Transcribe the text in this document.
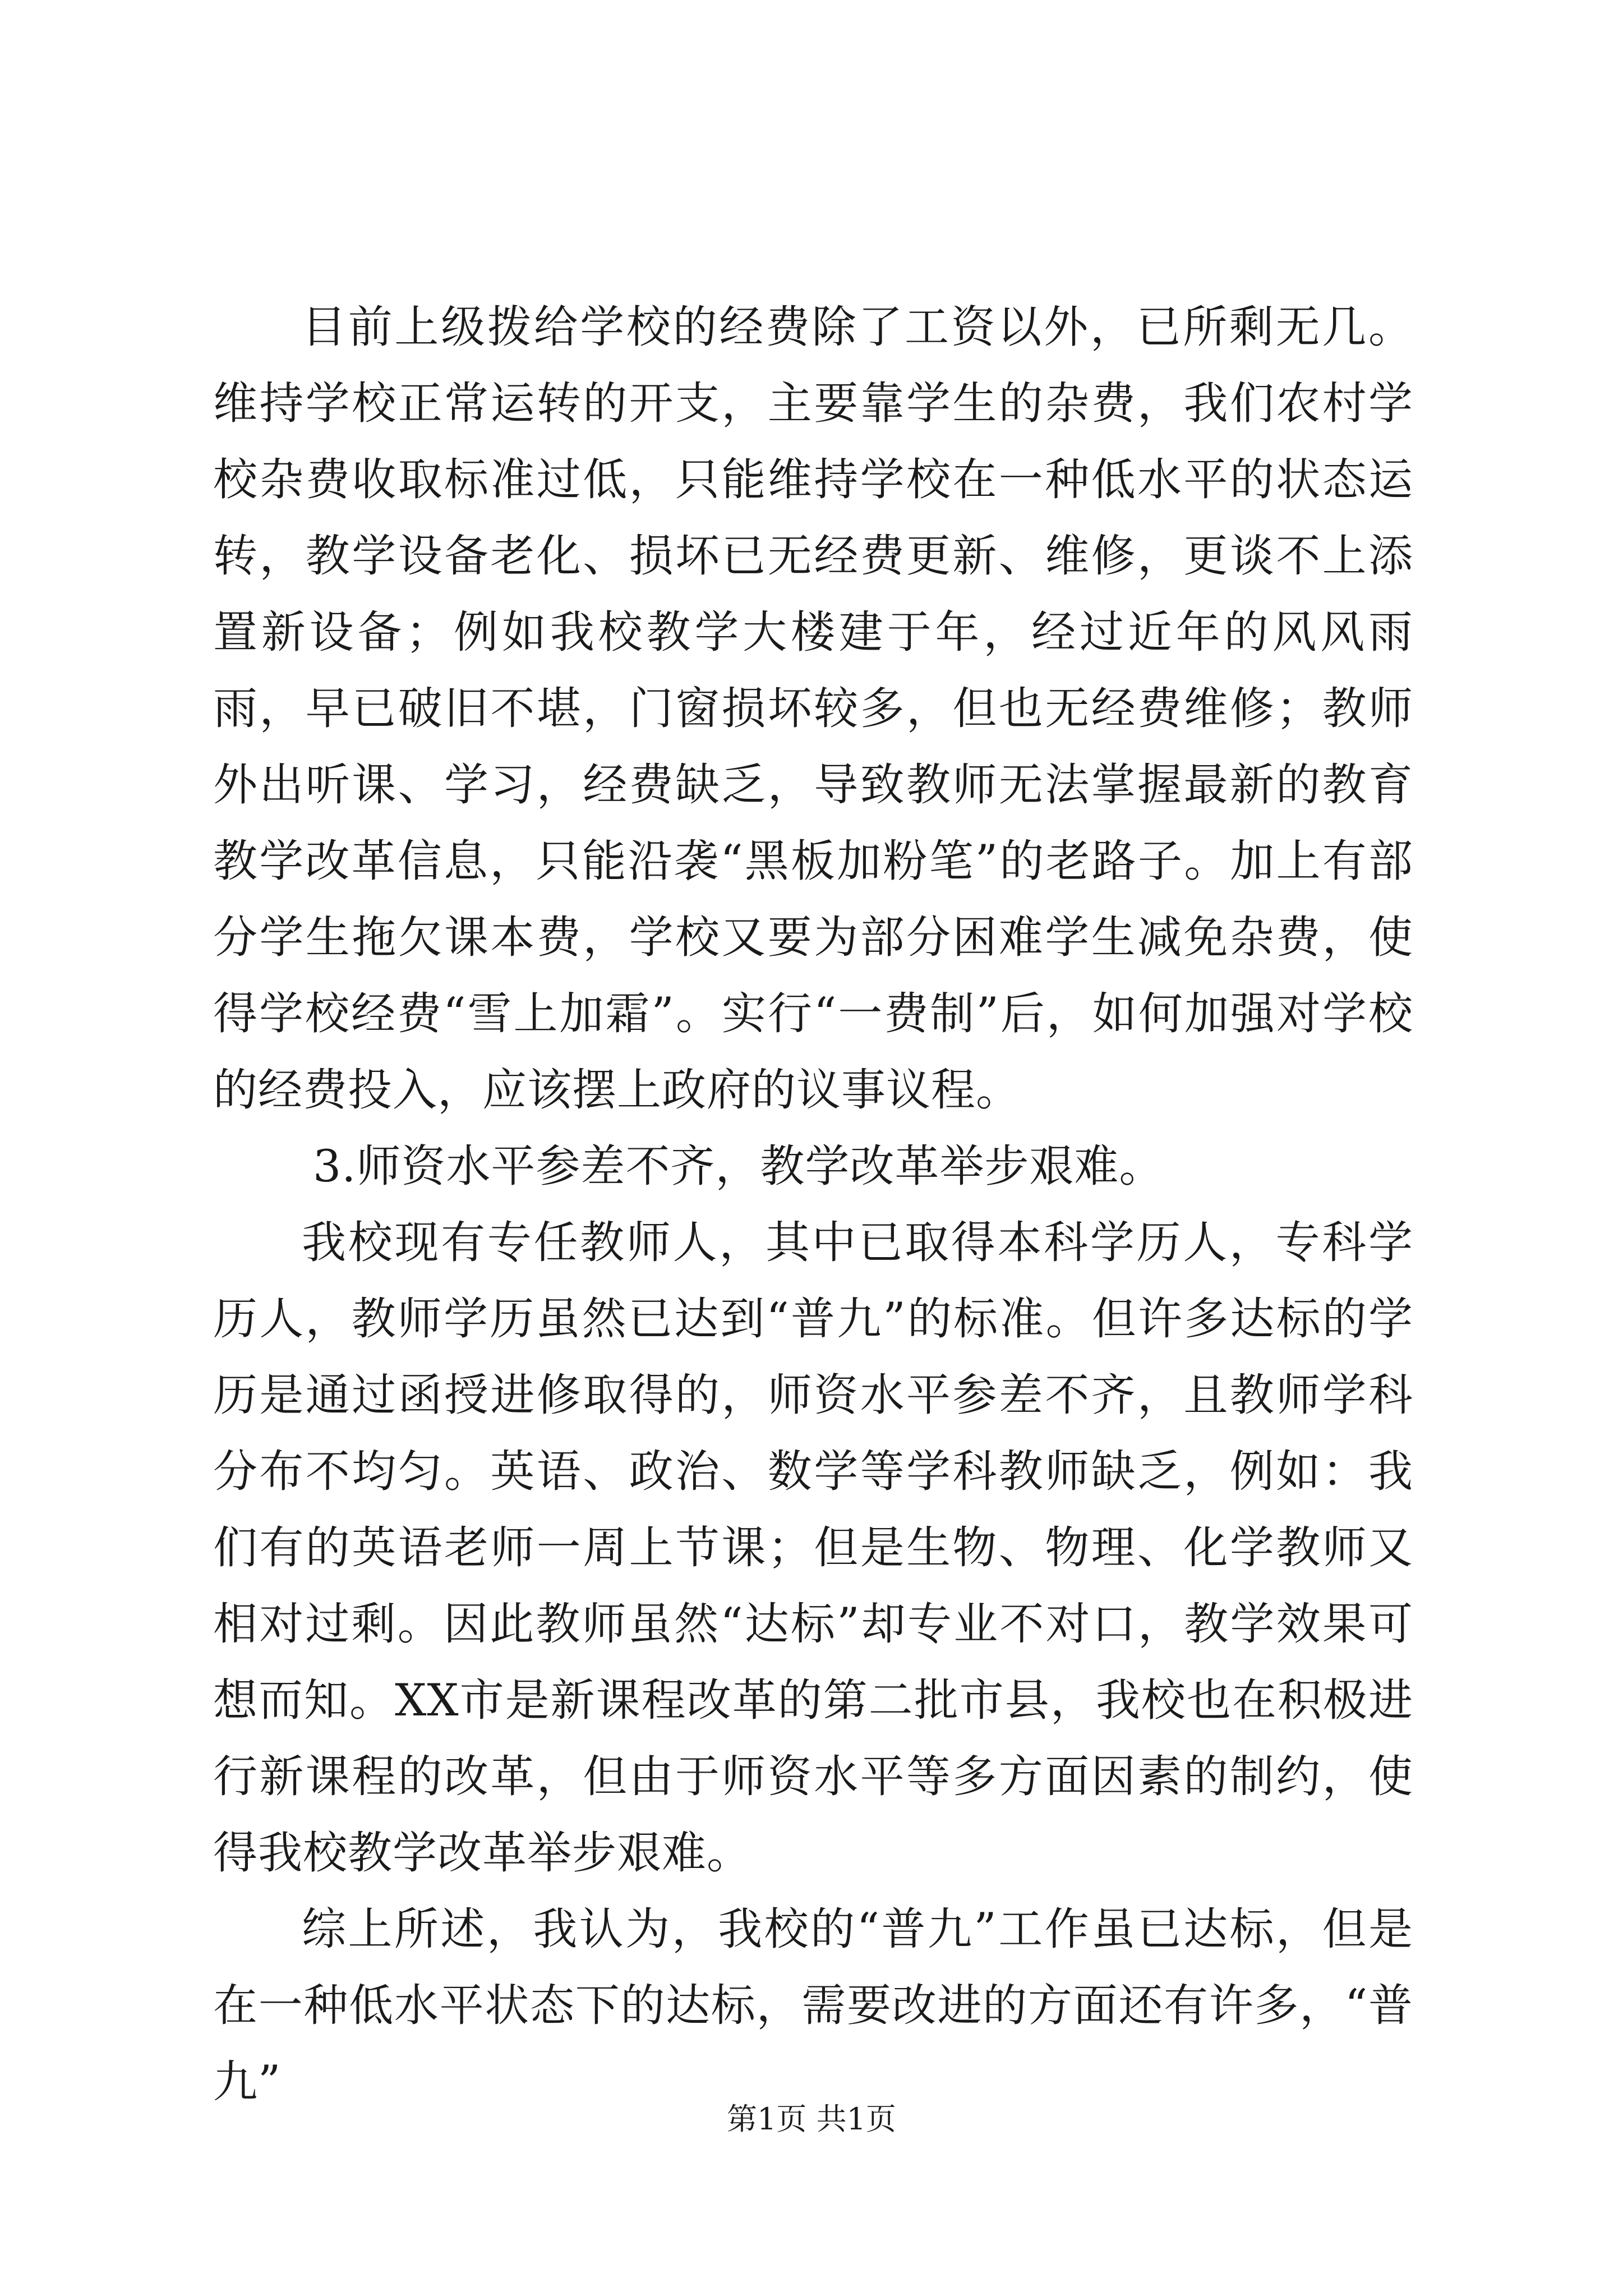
目前上级拨给学校的经费除了工资以外，已所剩无几。维持学校正常运转的开支，主要靠学生的杂费，我们农村学校杂费收取标准过低，只能维持学校在一种低水平的状态运转，教学设备老化、损坏已无经费更新、维修，更谈不上添置新设备；例如我校教学大楼建于年，经过近年的风风雨雨，早已破旧不堪，门窗损坏较多，但也无经费维修；教师外出听课、学习，经费缺乏，导致教师无法掌握最新的教育教学改革信息，只能沿袭“黑板加粉笔”的老路子。加上有部分学生拖欠课本费，学校又要为部分困难学生减免杂费，使得学校经费“雪上加霜”。实行“一费制”后，如何加强对学校的经费投入，应该摆上政府的议事议程。

3.师资水平参差不齐，教学改革举步艰难。

我校现有专任教师人，其中已取得本科学历人，专科学历人，教师学历虽然已达到“普九”的标准。但许多达标的学历是通过函授进修取得的，师资水平参差不齐，且教师学科分布不均匀。英语、政治、数学等学科教师缺乏，例如：我们有的英语老师一周上节课；但是生物、物理、化学教师又相对过剩。因此教师虽然“达标”却专业不对口，教学效果可想而知。XX市是新课程改革的第二批市县，我校也在积极进行新课程的改革，但由于师资水平等多方面因素的制约，使得我校教学改革举步艰难。

综上所述，我认为，我校的“普九”工作虽已达标，但是在一种低水平状态下的达标，需要改进的方面还有许多，“普九”

第1页 共1页
